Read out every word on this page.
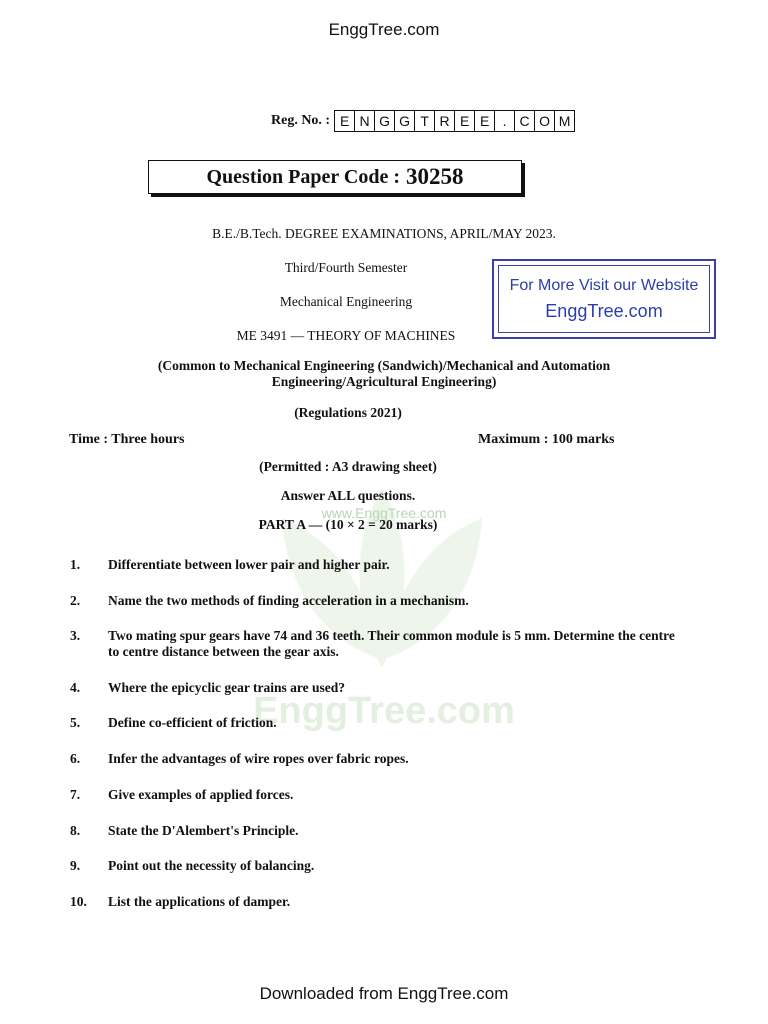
www.EnggTree.com
EnggTree.com
EnggTree.com
Reg. No. : E N G G T R E E . C O M
Question Paper Code : 30258
B.E./B.Tech. DEGREE EXAMINATIONS, APRIL/MAY 2023.
Third/Fourth Semester
Mechanical Engineering
ME 3491 — THEORY OF MACHINES
For More Visit our Website
EnggTree.com
(Common to Mechanical Engineering (Sandwich)/Mechanical and Automation
Engineering/Agricultural Engineering)
(Regulations 2021)
Time : Three hours	Maximum : 100 marks
(Permitted : A3 drawing sheet)
Answer ALL questions.
PART A — (10 × 2 = 20 marks)
1.	Differentiate between lower pair and higher pair.
2.	Name the two methods of finding acceleration in a mechanism.
3.	Two mating spur gears have 74 and 36 teeth. Their common module is 5 mm. Determine the centre to centre distance between the gear axis.
4.	Where the epicyclic gear trains are used?
5.	Define co-efficient of friction.
6.	Infer the advantages of wire ropes over fabric ropes.
7.	Give examples of applied forces.
8.	State the D'Alembert's Principle.
9.	Point out the necessity of balancing.
10.	List the applications of damper.
Downloaded from EnggTree.com
